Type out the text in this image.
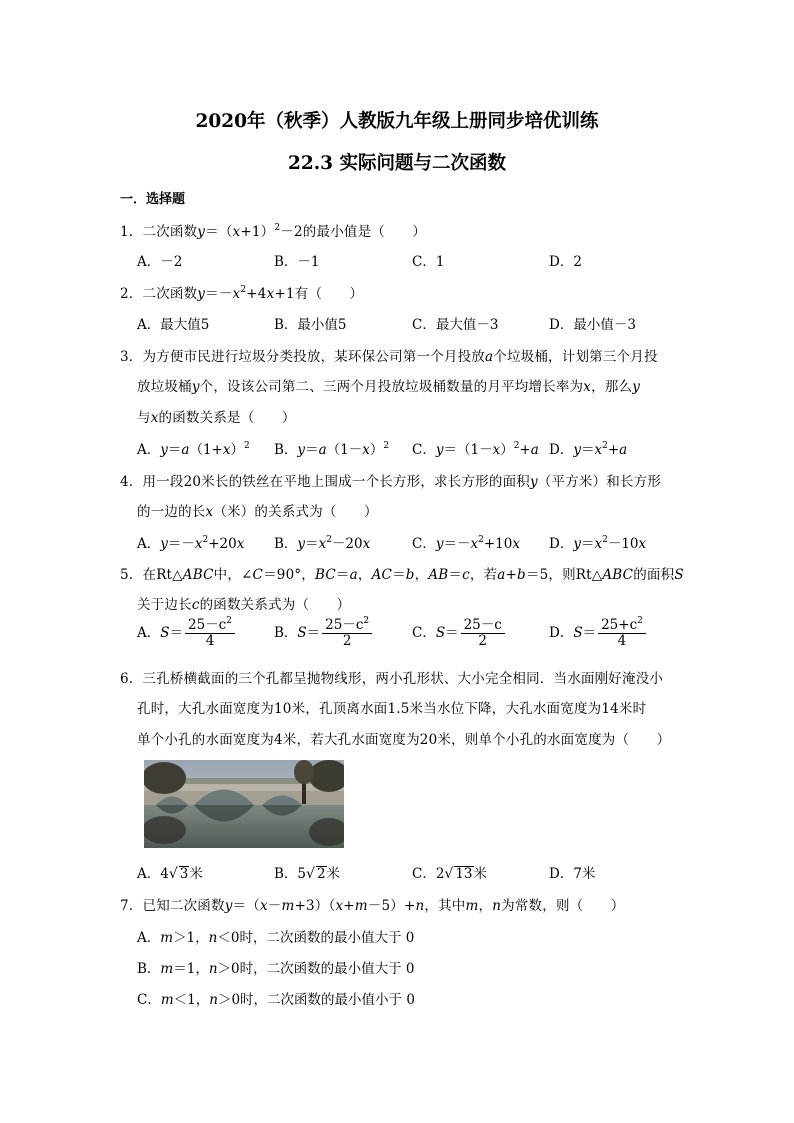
2020年（秋季）人教版九年级上册同步培优训练
22.3 实际问题与二次函数
一．选择题
1．二次函数$y=(x+1)^2-2$的最小值是（　　）
A．－2	B．－1	C．1	D．2
2．二次函数$y=-x^2+4x+1$有（　　）
A．最大值5	B．最小值5	C．最大值－3	D．最小值－3
3．为方便市民进行垃圾分类投放，某环保公司第一个月投放a个垃圾桶，计划第三个月投
放垃圾桶y个，设该公司第二、三两个月投放垃圾桶数量的月平均增长率为x，那么y
与x的函数关系是（　　）
A．$y=a(1+x)^2$ B．$y=a(1-x)^2$ C．$y=(1-x)^2+a$ D．$y=x^2+a$
4．用一段20米长的铁丝在平地上围成一个长方形，求长方形的面积y（平方米）和长方形
的一边的长x（米）的关系式为（　　）
A．$y=-x^2+20x$ B．$y=x^2-20x$	C．$y=-x^2+10x$ D．$y=x^2-10x$
5．在Rt△ABC中，∠C＝90°，BC＝a，AC＝b，AB＝c，若a+b＝5，则Rt△ABC的面积S
关于边长c的函数关系式为（　　）
A．$S= \frac{25-c^2}{4}$	B．$S= \frac{25-c^2}{2}$	C．$S= \frac{25-c}{2}$	D．$S= \frac{25+c^2}{4}$
6．三孔桥横截面的三个孔都呈抛物线形，两小孔形状、大小完全相同．当水面刚好淹没小
孔时，大孔水面宽度为10米，孔顶离水面1.5米当水位下降，大孔水面宽度为14米时
单个小孔的水面宽度为4米，若大孔水面宽度为20米，则单个小孔的水面宽度为（　　）
A．4√ 3米	B．5√ 2米	C．2√ 13米	D．7米
7．已知二次函数y＝（x－m+3）（x+m－5）+n，其中m，n为常数，则（　　）
A．m＞1，n＜0时，二次函数的最小值大于 0
B．m＝1，n＞0时，二次函数的最小值大于 0
C．m＜1，n＞0时，二次函数的最小值小于 0
